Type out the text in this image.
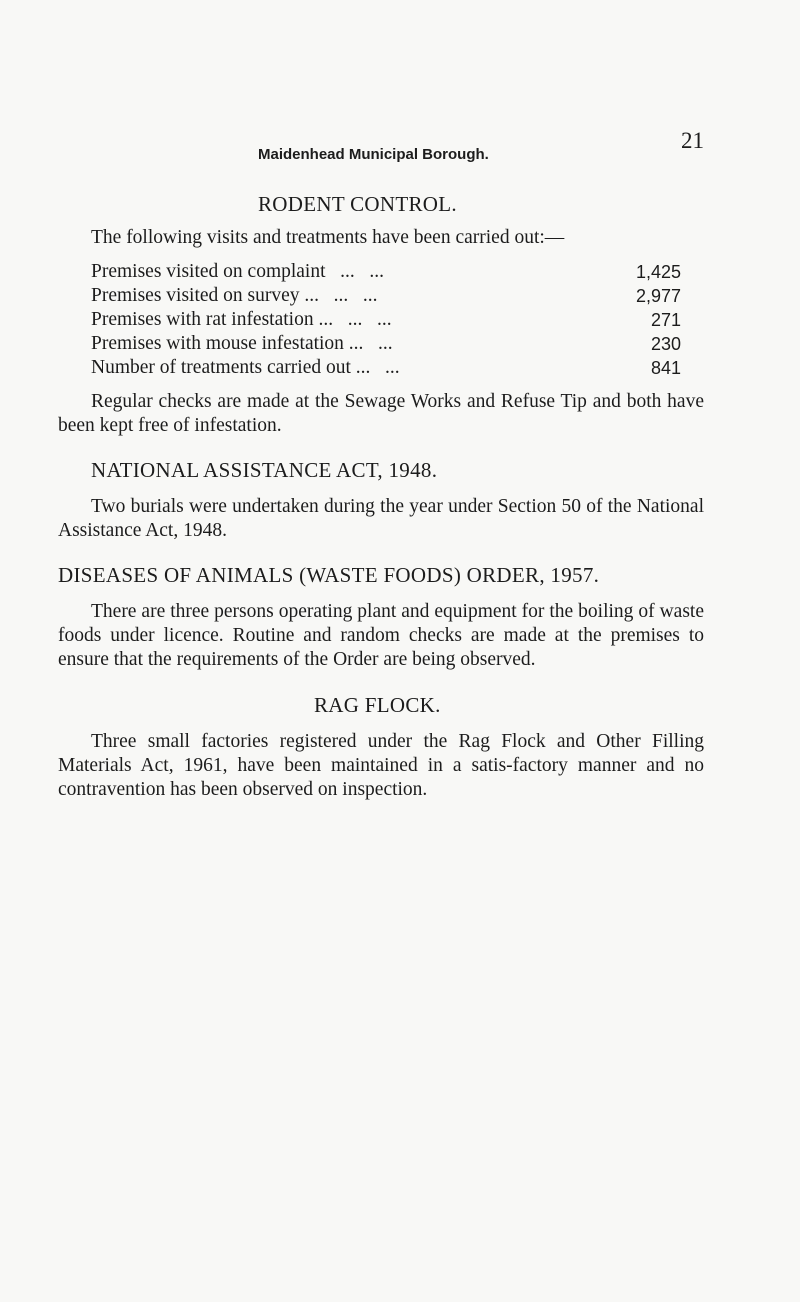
21
Maidenhead Municipal Borough.
RODENT CONTROL.
The following visits and treatments have been carried out:—
Premises visited on complaint   ...   ...	1,425
Premises visited on survey ...   ...   ...	2,977
Premises with rat infestation ...   ...   ...	271
Premises with mouse infestation ...   ...	230
Number of treatments carried out ...   ...	841

Regular checks are made at the Sewage Works and Refuse Tip and both have been kept free of infestation.

NATIONAL ASSISTANCE ACT, 1948.

Two burials were undertaken during the year under Section 50 of the National Assistance Act, 1948.

DISEASES OF ANIMALS (WASTE FOODS) ORDER, 1957.

There are three persons operating plant and equipment for the boiling of waste foods under licence. Routine and random checks are made at the premises to ensure that the requirements of the Order are being observed.

RAG FLOCK.

Three small factories registered under the Rag Flock and Other Filling Materials Act, 1961, have been maintained in a satis-factory manner and no contravention has been observed on inspection.
